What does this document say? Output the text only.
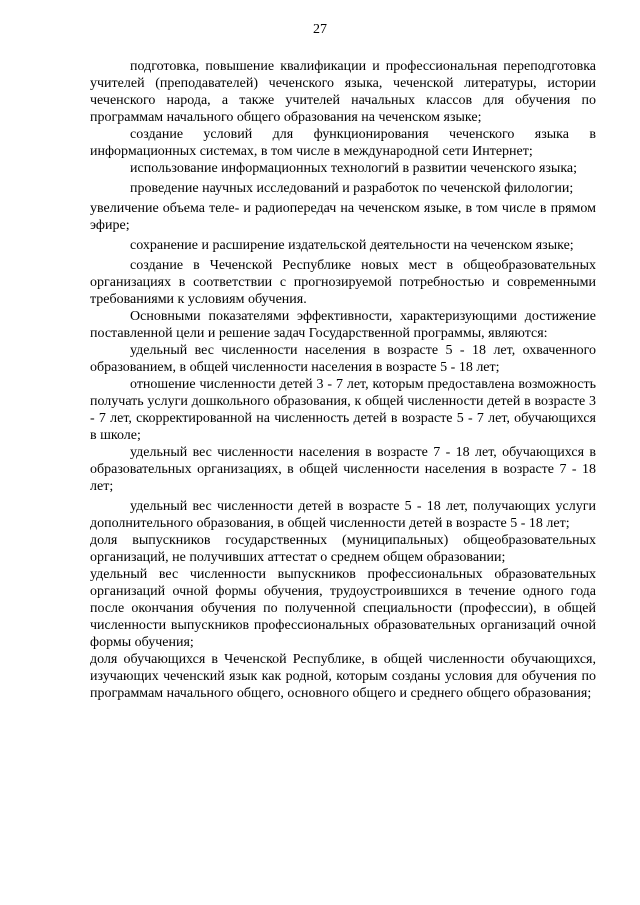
27

подготовка, повышение квалификации и профессиональная переподготовка учителей (преподавателей) чеченского языка, чеченской литературы, истории чеченского народа, а также учителей начальных классов для обучения по программам начального общего образования на чеченском языке;

создание условий для функционирования чеченского языка в информационных системах, в том числе в международной сети Интернет;

использование информационных технологий в развитии чеченского языка;

проведение научных исследований и разработок по чеченской филологии;

увеличение объема теле- и радиопередач на чеченском языке, в том числе в прямом эфире;

сохранение и расширение издательской деятельности на чеченском языке;

создание в Чеченской Республике новых мест в общеобразовательных организациях в соответствии с прогнозируемой потребностью и современными требованиями к условиям обучения.

Основными показателями эффективности, характеризующими достижение поставленной цели и решение задач Государственной программы, являются:

удельный вес численности населения в возрасте 5 - 18 лет, охваченного образованием, в общей численности населения в возрасте 5 - 18 лет;

отношение численности детей 3 - 7 лет, которым предоставлена возможность получать услуги дошкольного образования, к общей численности детей в возрасте 3 - 7 лет, скорректированной на численность детей в возрасте 5 - 7 лет, обучающихся в школе;

удельный вес численности населения в возрасте 7 - 18 лет, обучающихся в образовательных организациях, в общей численности населения в возрасте 7 - 18 лет;

удельный вес численности детей в возрасте 5 - 18 лет, получающих услуги дополнительного образования, в общей численности детей в возрасте 5 - 18 лет;

доля выпускников государственных (муниципальных) общеобразовательных организаций, не получивших аттестат о среднем общем образовании;

удельный вес численности выпускников профессиональных образовательных организаций очной формы обучения, трудоустроившихся в течение одного года после окончания обучения по полученной специальности (профессии), в общей численности выпускников профессиональных образовательных организаций очной формы обучения;

доля обучающихся в Чеченской Республике, в общей численности обучающихся, изучающих чеченский язык как родной, которым созданы условия для обучения по программам начального общего, основного общего и среднего общего образования;
